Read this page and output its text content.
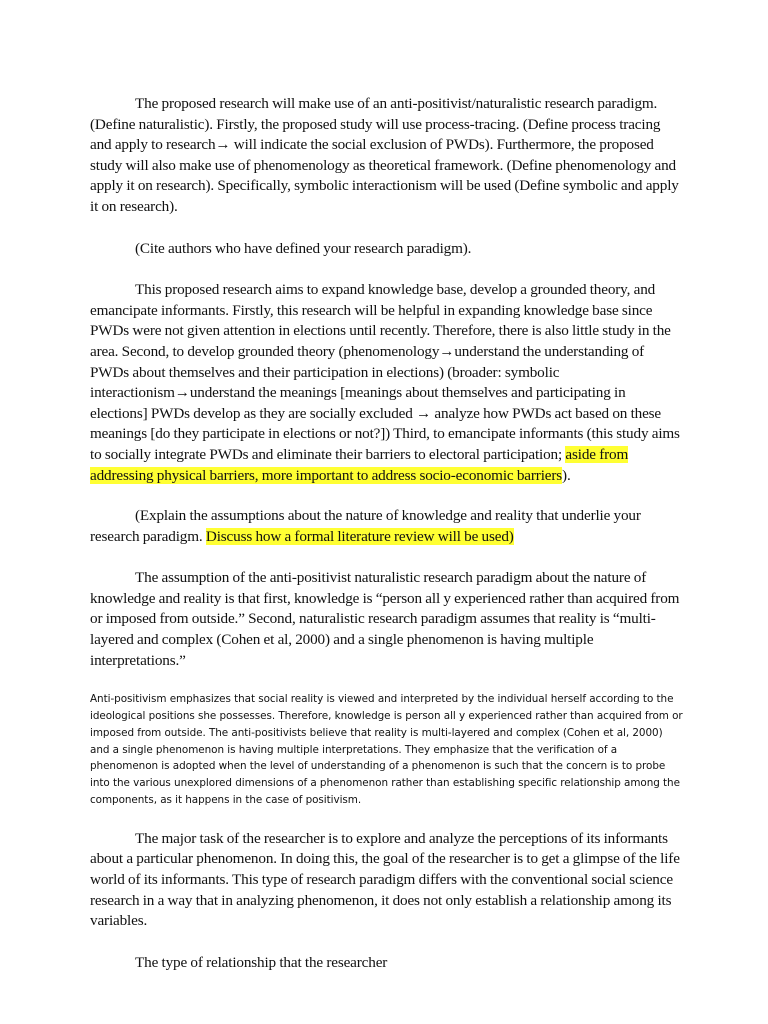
The proposed research will make use of an anti-positivist/naturalistic research paradigm. (Define naturalistic). Firstly, the proposed study will use process-tracing. (Define process tracing and apply to research→ will indicate the social exclusion of PWDs). Furthermore, the proposed study will also make use of phenomenology as theoretical framework. (Define phenomenology and apply it on research). Specifically, symbolic interactionism will be used (Define symbolic and apply it on research).

(Cite authors who have defined your research paradigm).

This proposed research aims to expand knowledge base, develop a grounded theory, and emancipate informants. Firstly, this research will be helpful in expanding knowledge base since PWDs were not given attention in elections until recently. Therefore, there is also little study in the area. Second, to develop grounded theory (phenomenology→understand the understanding of PWDs about themselves and their participation in elections) (broader: symbolic interactionism→understand the meanings [meanings about themselves and participating in elections] PWDs develop as they are socially excluded → analyze how PWDs act based on these meanings [do they participate in elections or not?]) Third, to emancipate informants (this study aims to socially integrate PWDs and eliminate their barriers to electoral participation; aside from addressing physical barriers, more important to address socio-economic barriers).

(Explain the assumptions about the nature of knowledge and reality that underlie your research paradigm. Discuss how a formal literature review will be used)

The assumption of the anti-positivist naturalistic research paradigm about the nature of knowledge and reality is that first, knowledge is “person all y experienced rather than acquired from or imposed from outside.” Second, naturalistic research paradigm assumes that reality is “multi-layered and complex (Cohen et al, 2000) and a single phenomenon is having multiple interpretations.”

Anti-positivism emphasizes that social reality is viewed and interpreted by the individual herself according to the ideological positions she possesses. Therefore, knowledge is person all y experienced rather than acquired from or imposed from outside. The anti-positivists believe that reality is multi-layered and complex (Cohen et al, 2000) and a single phenomenon is having multiple interpretations. They emphasize that the verification of a phenomenon is adopted when the level of understanding of a phenomenon is such that the concern is to probe into the various unexplored dimensions of a phenomenon rather than establishing specific relationship among the components, as it happens in the case of positivism.

The major task of the researcher is to explore and analyze the perceptions of its informants about a particular phenomenon. In doing this, the goal of the researcher is to get a glimpse of the life world of its informants. This type of research paradigm differs with the conventional social science research in a way that in analyzing phenomenon, it does not only establish a relationship among its variables.

The type of relationship that the researcher
